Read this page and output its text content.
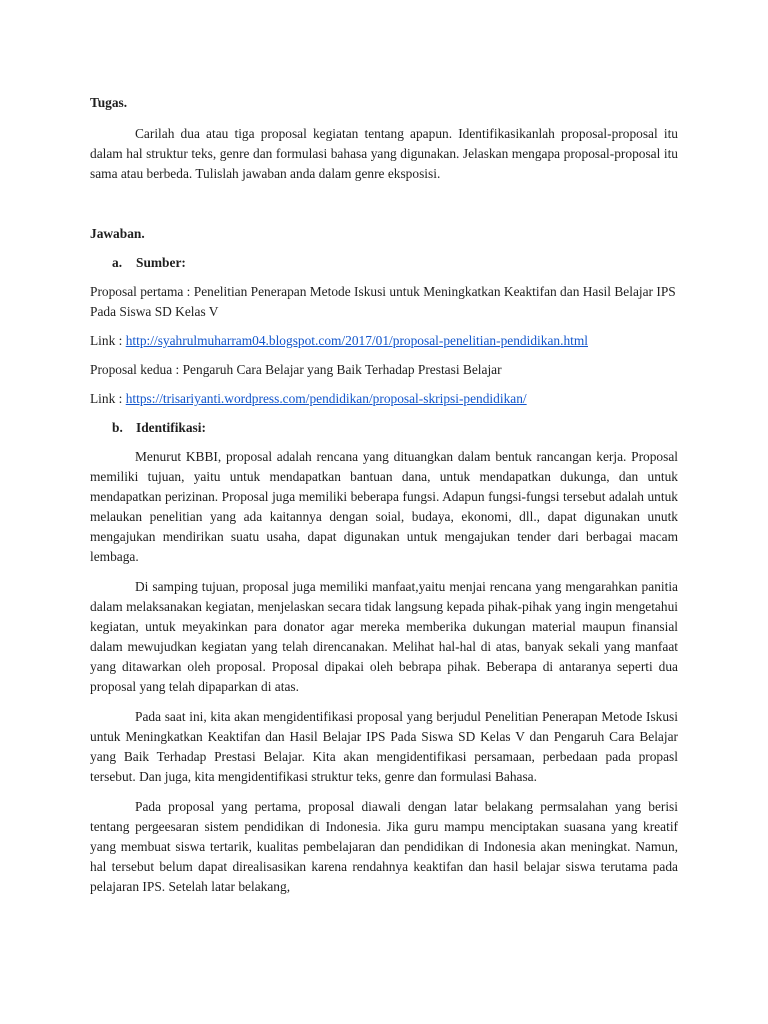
Tugas.

Carilah dua atau tiga proposal kegiatan tentang apapun. Identifikasikanlah proposal-proposal itu dalam hal struktur teks, genre dan formulasi bahasa yang digunakan. Jelaskan mengapa proposal-proposal itu sama atau berbeda. Tulislah jawaban anda dalam genre eksposisi.

Jawaban.

a.	Sumber:

Proposal pertama : Penelitian Penerapan Metode Iskusi untuk Meningkatkan Keaktifan dan Hasil Belajar IPS Pada Siswa SD Kelas V

Link : http://syahrulmuharram04.blogspot.com/2017/01/proposal-penelitian-pendidikan.html

Proposal kedua : Pengaruh Cara Belajar yang Baik Terhadap Prestasi Belajar

Link : https://trisariyanti.wordpress.com/pendidikan/proposal-skripsi-pendidikan/

b. Identifikasi:

Menurut KBBI, proposal adalah rencana yang dituangkan dalam bentuk rancangan kerja. Proposal memiliki tujuan, yaitu untuk mendapatkan bantuan dana, untuk mendapatkan dukunga, dan untuk mendapatkan perizinan. Proposal juga memiliki beberapa fungsi. Adapun fungsi-fungsi tersebut adalah untuk melaukan penelitian yang ada kaitannya dengan soial, budaya, ekonomi, dll., dapat digunakan unutk mengajukan mendirikan suatu usaha, dapat digunakan untuk mengajukan tender dari berbagai macam lembaga.

Di samping tujuan, proposal juga memiliki manfaat,yaitu menjai rencana yang mengarahkan panitia dalam melaksanakan kegiatan, menjelaskan secara tidak langsung kepada pihak-pihak yang ingin mengetahui kegiatan, untuk meyakinkan para donator agar mereka memberika dukungan material maupun finansial dalam mewujudkan kegiatan yang telah direncanakan. Melihat hal-hal di atas, banyak sekali yang manfaat yang ditawarkan oleh proposal. Proposal dipakai oleh bebrapa pihak. Beberapa di antaranya seperti dua proposal yang telah dipaparkan di atas.

Pada saat ini, kita akan mengidentifikasi proposal yang berjudul Penelitian Penerapan Metode Iskusi untuk Meningkatkan Keaktifan dan Hasil Belajar IPS Pada Siswa SD Kelas V dan Pengaruh Cara Belajar yang Baik Terhadap Prestasi Belajar. Kita akan mengidentifikasi persamaan, perbedaan pada propasl tersebut. Dan juga, kita mengidentifikasi struktur teks, genre dan formulasi Bahasa.

Pada proposal yang pertama, proposal diawali dengan latar belakang permsalahan yang berisi tentang pergeesaran sistem pendidikan di Indonesia. Jika guru mampu menciptakan suasana yang kreatif yang membuat siswa tertarik, kualitas pembelajaran dan pendidikan di Indonesia akan meningkat. Namun, hal tersebut belum dapat direalisasikan karena rendahnya keaktifan dan hasil belajar siswa terutama pada pelajaran IPS. Setelah latar belakang,
